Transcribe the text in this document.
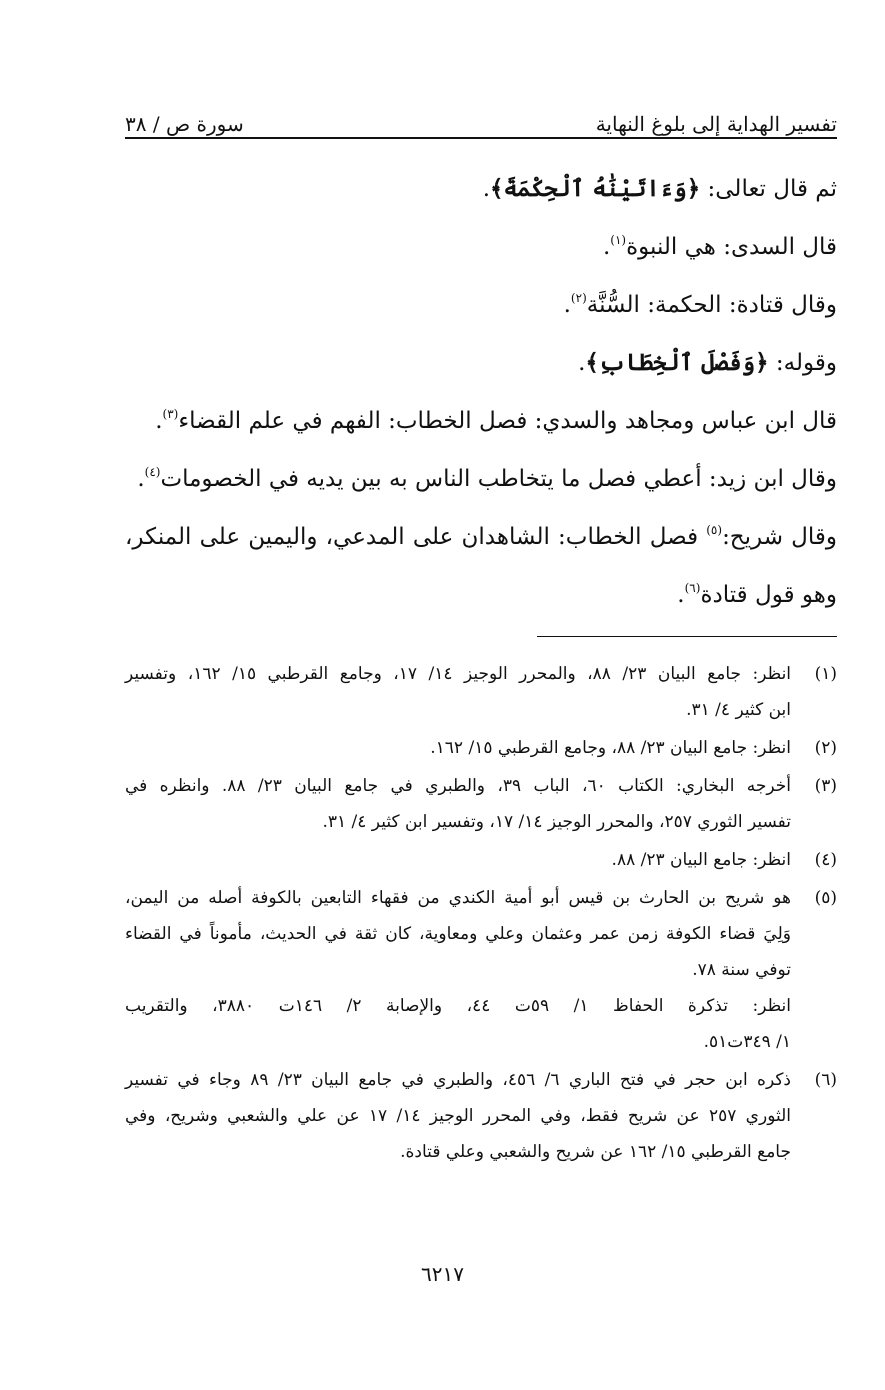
تفسير الهداية إلى بلوغ النهاية
سورة ص / ٣٨

ثم قال تعالى: ﴿وَءَاتَيْنَٰهُ ٱلْحِكْمَةَ﴾.

قال السدى: هي النبوة$^{(١)}$.

وقال قتادة: الحكمة: السُّنَّة$^{(٢)}$.

وقوله: ﴿وَفَصْلَ ٱلْخِطَابِ﴾.

قال ابن عباس ومجاهد والسدي: فصل الخطاب: الفهم في علم القضاء$^{(٣)}$.

وقال ابن زيد: أعطي فصل ما يتخاطب الناس به بين يديه في الخصومات$^{(٤)}$.

وقال شريح:$^{(٥)}$ فصل الخطاب: الشاهدان على المدعي، واليمين على المنكر،

وهو قول قتادة$^{(٦)}$.

(١)
انظر: جامع البيان ٢٣/ ٨٨، والمحرر الوجيز ١٤/ ١٧، وجامع القرطبي ١٥/ ١٦٢، وتفسير
ابن كثير ٤/ ٣١.
(٢)
انظر: جامع البيان ٢٣/ ٨٨، وجامع القرطبي ١٥/ ١٦٢.
(٣)
أخرجه البخاري: الكتاب ٦٠، الباب ٣٩، والطبري في جامع البيان ٢٣/ ٨٨. وانظره في
تفسير الثوري ٢٥٧، والمحرر الوجيز ١٤/ ١٧، وتفسير ابن كثير ٤/ ٣١.
(٤)
انظر: جامع البيان ٢٣/ ٨٨.
(٥)
هو شريح بن الحارث بن قيس أبو أمية الكندي من فقهاء التابعين بالكوفة أصله من اليمن،
وَلِيَ قضاء الكوفة زمن عمر وعثمان وعلي ومعاوية، كان ثقة في الحديث، مأموناً في القضاء
توفي سنة ٧٨.
انظر: تذكرة الحفاظ ١/ ٥٩ت ٤٤، والإصابة ٢/ ١٤٦ت ٣٨٨٠، والتقريب
١/ ٣٤٩ت٥١.
(٦)
ذكره ابن حجر في فتح الباري ٦/ ٤٥٦، والطبري في جامع البيان ٢٣/ ٨٩ وجاء في تفسير
الثوري ٢٥٧ عن شريح فقط، وفي المحرر الوجيز ١٤/ ١٧ عن علي والشعبي وشريح، وفي
جامع القرطبي ١٥/ ١٦٢ عن شريح والشعبي وعلي قتادة.
٦٢١٧
